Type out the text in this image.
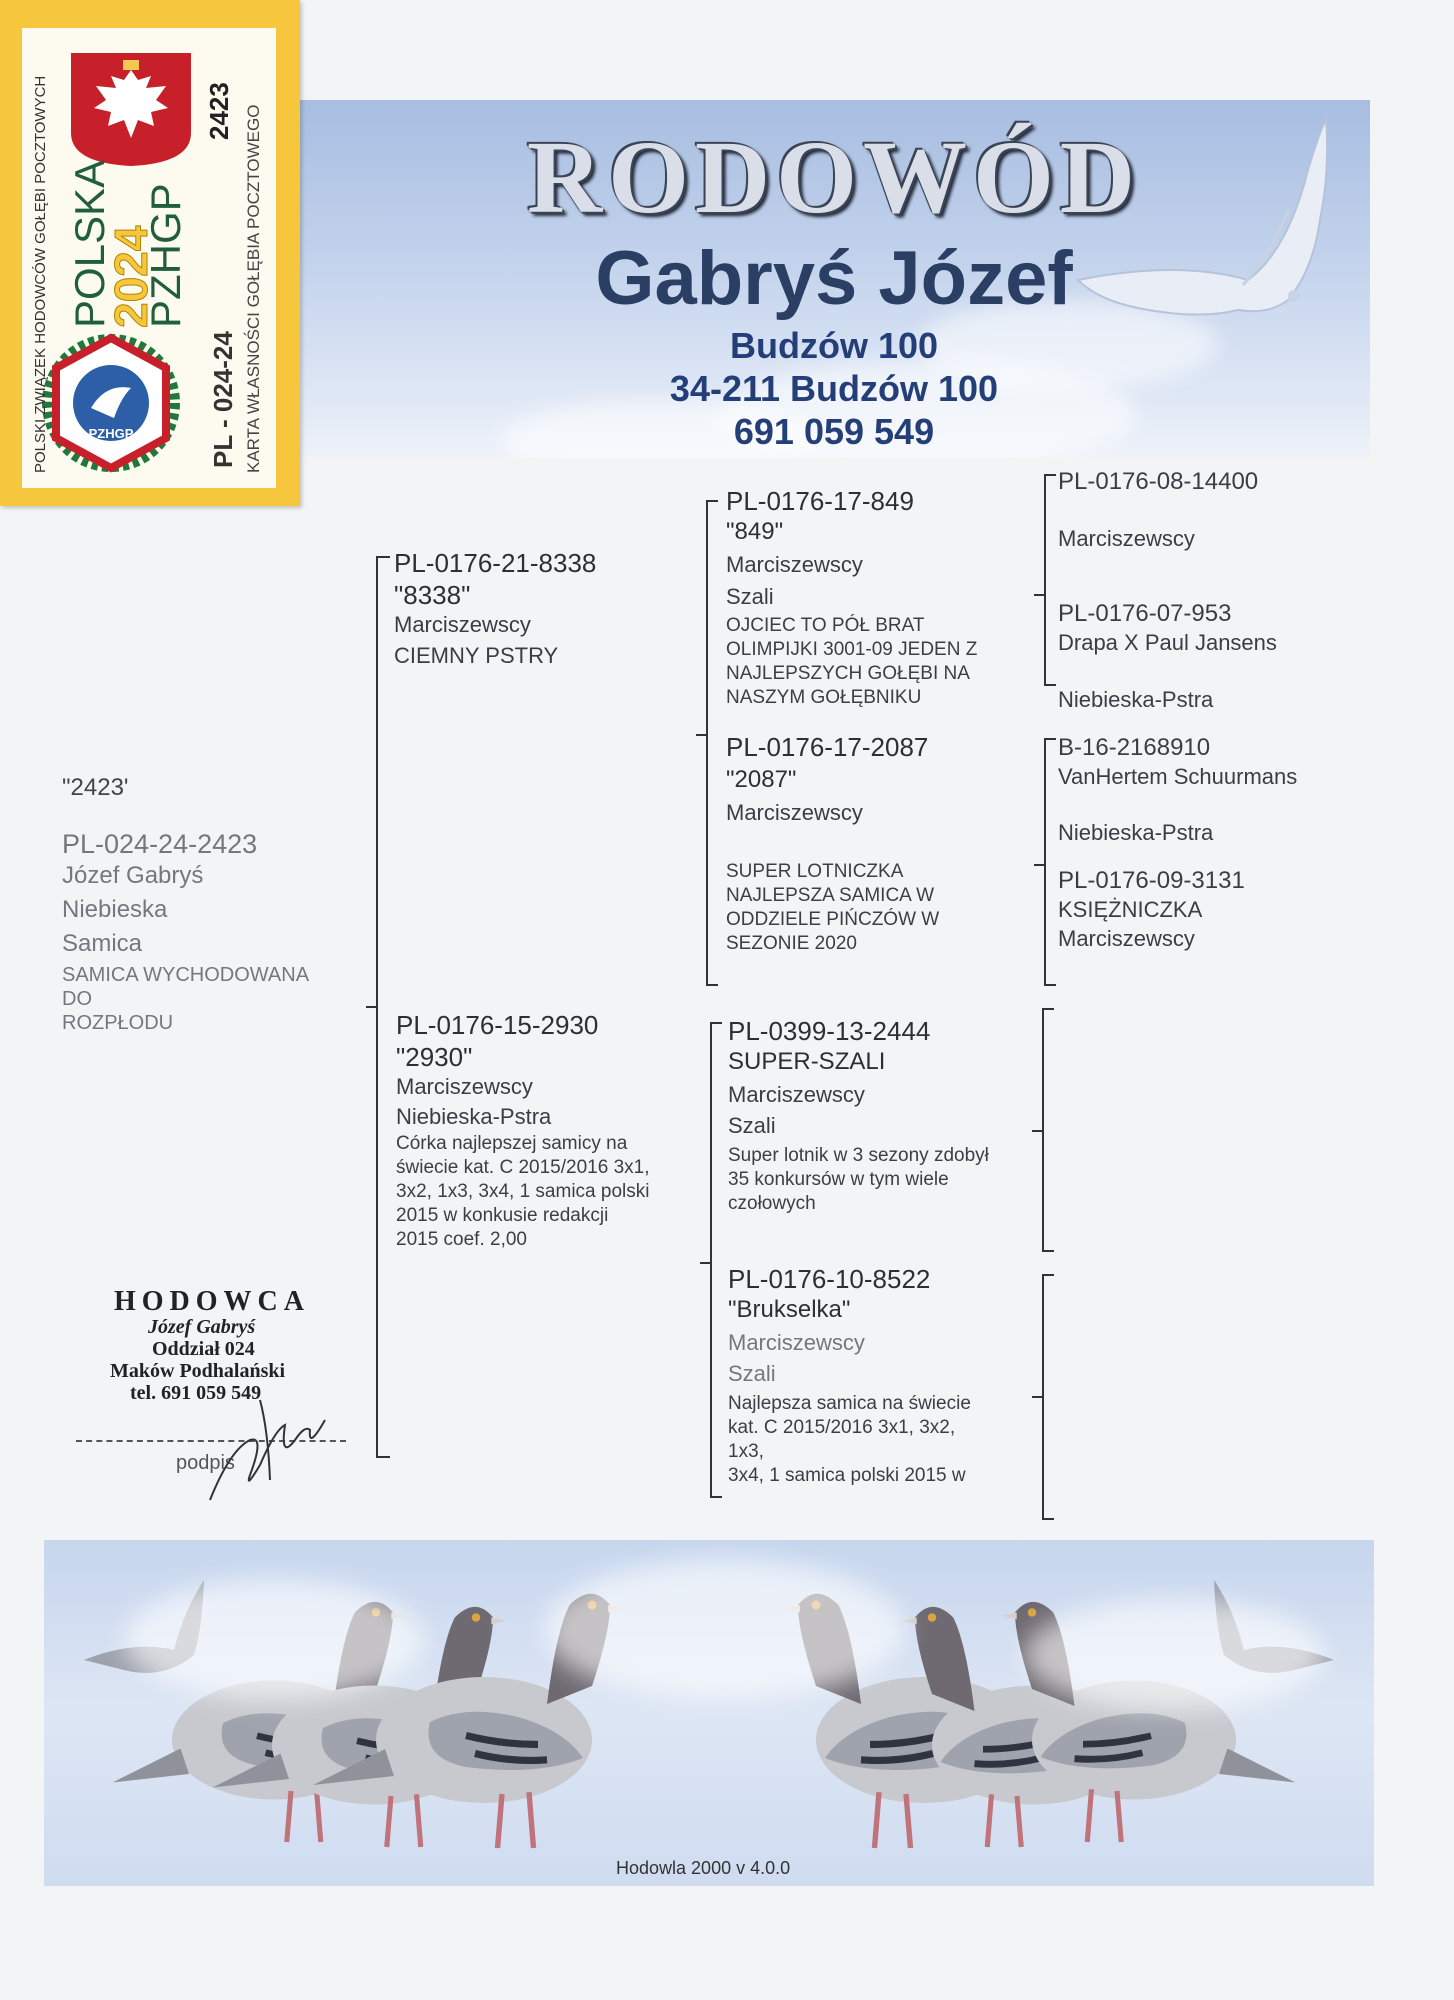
RODOWÓD
Gabryś Józef
Budzów 100
34-211 Budzów 100
691 059 549
PZHGP
POLSKI ZWIĄZEK HODOWCÓW GOŁĘBI POCZTOWYCH POLSKA
2024
PZHGP
PL - 024-24 KARTA WŁASNOŚCI GOŁĘBIA POCZTOWEGO
2423
"2423'
PL-024-24-2423
Józef Gabryś
Niebieska
Samica
SAMICA WYCHODOWANA
DO
ROZPŁODU
HODOWCA
Józef Gabryś
Oddział 024
Maków Podhalański
tel. 691 059 549
podpis
PL-0176-21-8338
"8338"
Marciszewscy
CIEMNY PSTRY
PL-0176-15-2930
"2930"
Marciszewscy
Niebieska-Pstra
Córka najlepszej samicy na
świecie kat. C 2015/2016 3x1,
3x2, 1x3, 3x4, 1 samica polski
2015 w konkusie redakcji
2015 coef. 2,00
PL-0176-17-849
"849"
Marciszewscy
Szali
OJCIEC TO PÓŁ BRAT
OLIMPIJKI 3001-09 JEDEN Z
NAJLEPSZYCH GOŁĘBI NA
NASZYM GOŁĘBNIKU
PL-0176-17-2087
"2087"
Marciszewscy
SUPER LOTNICZKA
NAJLEPSZA SAMICA W
ODDZIELE PIŃCZÓW W
SEZONIE 2020
PL-0399-13-2444
SUPER-SZALI
Marciszewscy
Szali
Super lotnik w 3 sezony zdobył
35 konkursów w tym wiele
czołowych
PL-0176-10-8522
"Brukselka"
Marciszewscy
Szali
Najlepsza samica na świecie
kat. C 2015/2016 3x1, 3x2,
1x3,
3x4, 1 samica polski 2015 w
PL-0176-08-14400
Marciszewscy
PL-0176-07-953
Drapa X Paul Jansens
Niebieska-Pstra
B-16-2168910
VanHertem Schuurmans
Niebieska-Pstra
PL-0176-09-3131
KSIĘŻNICZKA
Marciszewscy
Hodowla 2000 v 4.0.0
